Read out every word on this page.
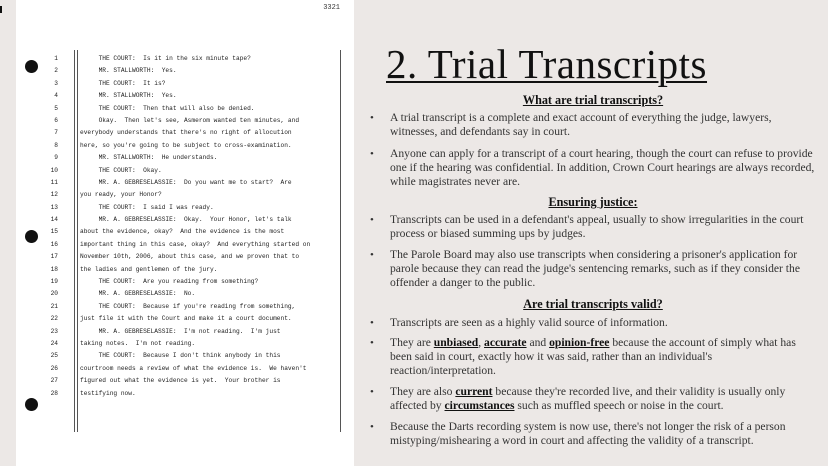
3321
1	THE COURT:  Is it in the six minute tape?
2	MR. STALLWORTH:  Yes.
3	THE COURT:  It is?
4	MR. STALLWORTH:  Yes.
5	THE COURT:  Then that will also be denied.
6	Okay.  Then let's see, Asmerom wanted ten minutes, and
7	everybody understands that there's no right of allocution
8	here, so you're going to be subject to cross-examination.
9	MR. STALLWORTH:  He understands.
10	THE COURT:  Okay.
11	MR. A. GEBRESELASSIE:  Do you want me to start?  Are
12	you ready, your Honor?
13	THE COURT:  I said I was ready.
14	MR. A. GEBRESELASSIE:  Okay.  Your Honor, let's talk
15	about the evidence, okay?  And the evidence is the most
16	important thing in this case, okay?  And everything started on
17	November 10th, 2006, about this case, and we proven that to
18	the ladies and gentlemen of the jury.
19	THE COURT:  Are you reading from something?
20	MR. A. GEBRESELASSIE:  No.
21	THE COURT:  Because if you're reading from something,
22	just file it with the Court and make it a court document.
23	MR. A. GEBRESELASSIE:  I'm not reading.  I'm just
24	taking notes.  I'm not reading.
25	THE COURT:  Because I don't think anybody in this
26	courtroom needs a review of what the evidence is.  We haven't
27	figured out what the evidence is yet.  Your brother is
28	testifying now.
2. Trial Transcripts
What are trial transcripts?
• A trial transcript is a complete and exact account of everything the judge, lawyers, witnesses, and defendants say in court.
• Anyone can apply for a transcript of a court hearing, though the court can refuse to provide one if the hearing was confidential. In addition, Crown Court hearings are always recorded, while magistrates never are.
Ensuring justice:
• Transcripts can be used in a defendant's appeal, usually to show irregularities in the court process or biased summing ups by judges.
• The Parole Board may also use transcripts when considering a prisoner's application for parole because they can read the judge's sentencing remarks, such as if they consider the offender a danger to the public.
Are trial transcripts valid?
• Transcripts are seen as a highly valid source of information.
• They are unbiased, accurate and opinion-free because the account of simply what has been said in court, exactly how it was said, rather than an individual's reaction/interpretation.
• They are also current because they're recorded live, and their validity is usually only affected by circumstances such as muffled speech or noise in the court.
• Because the Darts recording system is now use, there's not longer the risk of a person mistyping/mishearing a word in court and affecting the validity of a transcript.
